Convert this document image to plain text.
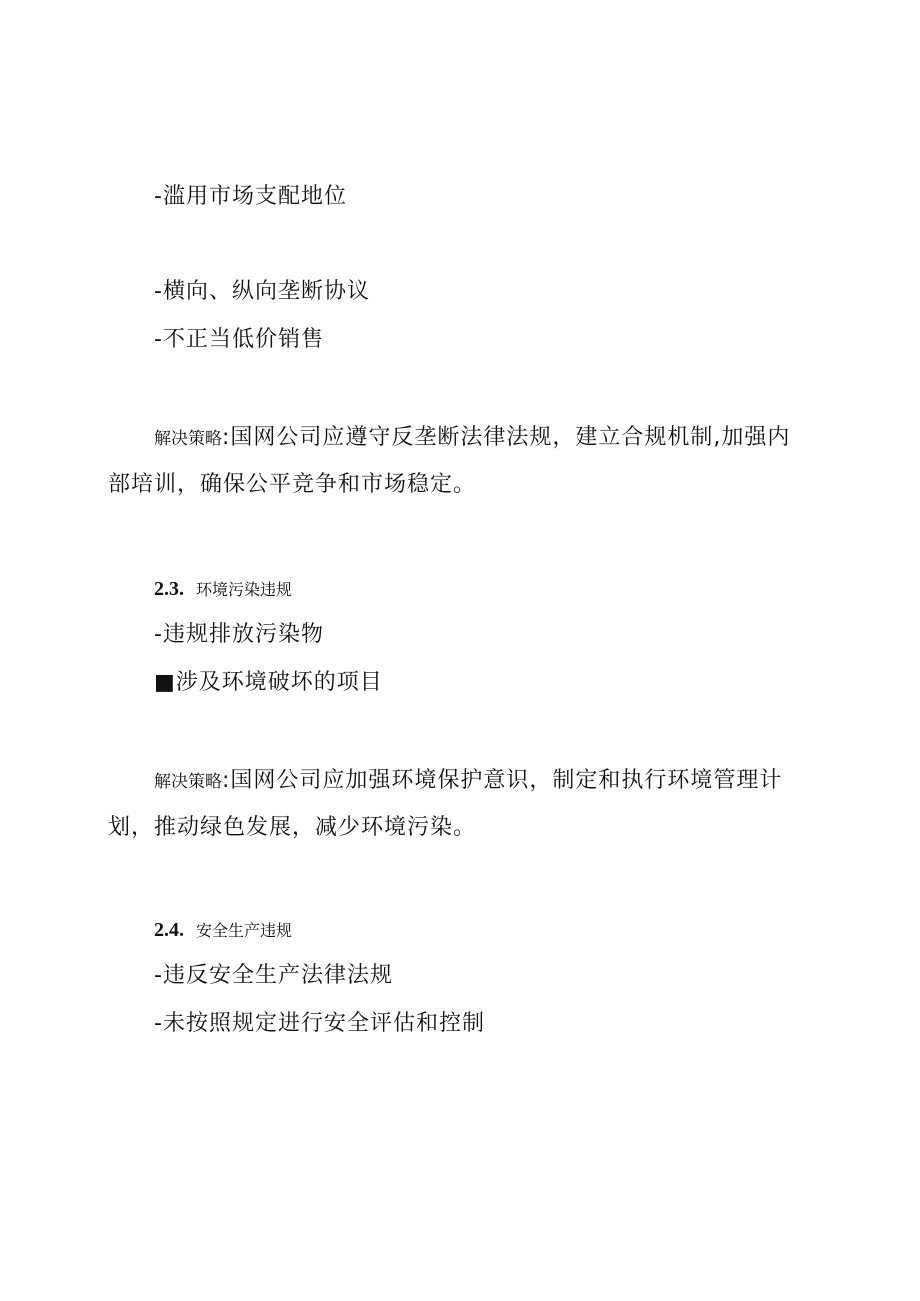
-滥用市场支配地位
-横向、纵向垄断协议
-不正当低价销售
解决策略:国网公司应遵守反垄断法律法规，建立合规机制,加强内
部培训，确保公平竞争和市场稳定。
2.3. 环境污染违规
-违规排放污染物
■涉及环境破坏的项目
解决策略:国网公司应加强环境保护意识，制定和执行环境管理计
划，推动绿色发展，减少环境污染。
2.4. 安全生产违规
-违反安全生产法律法规
-未按照规定进行安全评估和控制
